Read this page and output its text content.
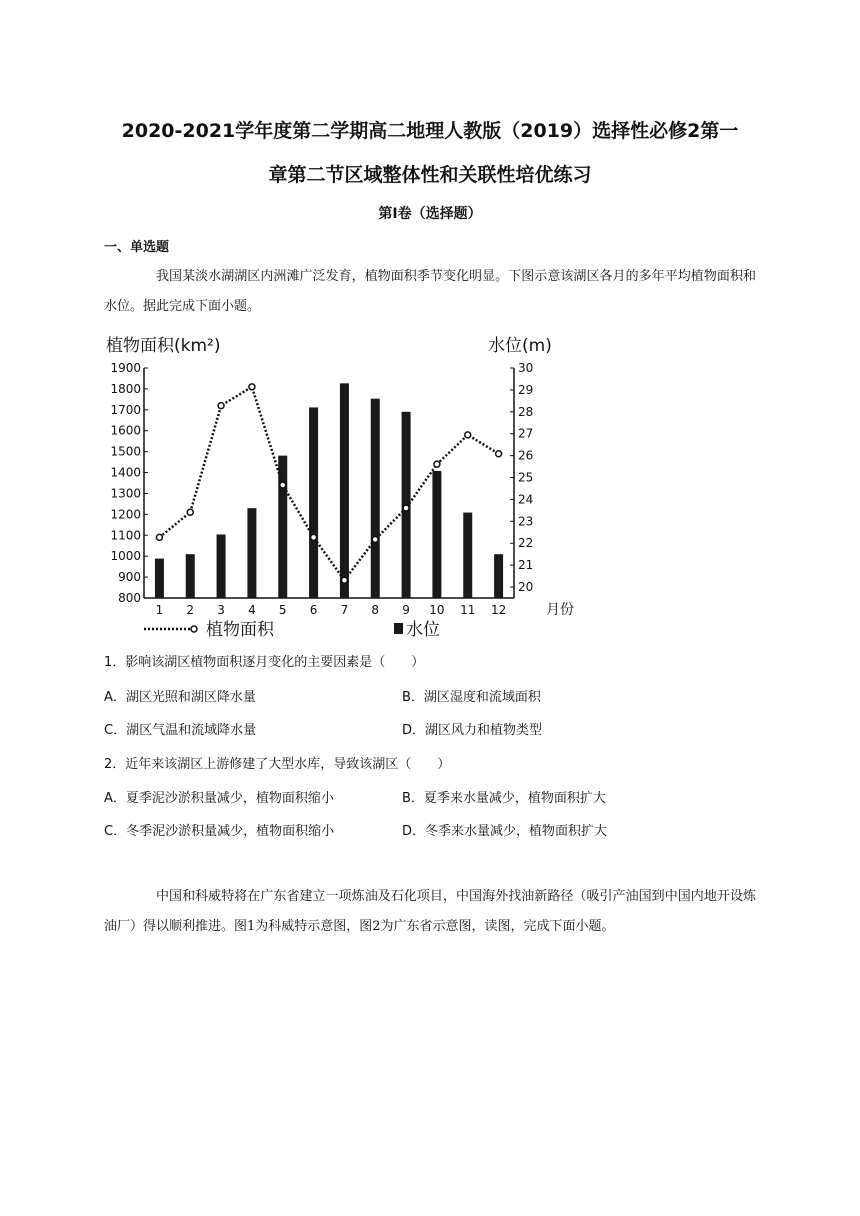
2020-2021学年度第二学期高二地理人教版（2019）选择性必修2第一
章第二节区域整体性和关联性培优练习
第Ⅰ卷（选择题）
一、单选题
我国某淡水湖湖区内洲滩广泛发育，植物面积季节变化明显。下图示意该湖区各月的多年平均植物面积和水位。据此完成下面小题。
植物面积(km²)	水位(m)
800
900
1000
1100
1200
1300
1400
1500
1600
1700
1800
1900
20
21
22
23
24
25
26
27
28
29
30
1 2 3 4 5 6 7 8 9 10 11 12	月份
植物面积	水位
1．影响该湖区植物面积逐月变化的主要因素是（　　）
A．湖区光照和湖区降水量	B．湖区湿度和流域面积
C．湖区气温和流域降水量	D．湖区风力和植物类型
2．近年来该湖区上游修建了大型水库，导致该湖区（　　）
A．夏季泥沙淤积量减少，植物面积缩小	B．夏季来水量减少，植物面积扩大
C．冬季泥沙淤积量减少，植物面积缩小	D．冬季来水量减少，植物面积扩大
中国和科威特将在广东省建立一项炼油及石化项目，中国海外找油新路径（吸引产油国到中国内地开设炼油厂）得以顺利推进。图1为科威特示意图，图2为广东省示意图，读图，完成下面小题。
